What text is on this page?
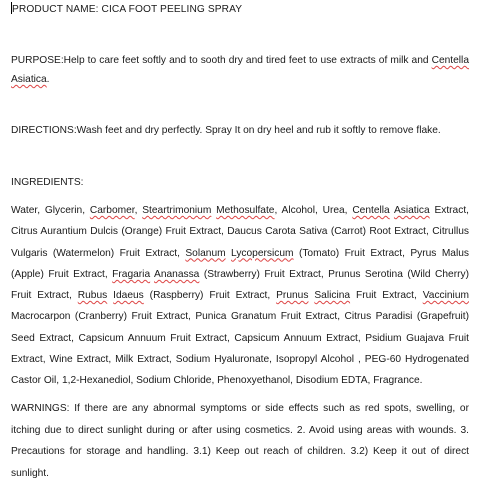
PRODUCT NAME: CICA FOOT PEELING SPRAY

PURPOSE:Help to care feet softly and to sooth dry and tired feet to use extracts of milk and Centella Asiatica.

DIRECTIONS:Wash feet and dry perfectly. Spray It on dry heel and rub it softly to remove flake.

INGREDIENTS:

Water, Glycerin, Carbomer, Steartrimonium Methosulfate, Alcohol, Urea, Centella Asiatica Extract, Citrus Aurantium Dulcis (Orange) Fruit Extract, Daucus Carota Sativa (Carrot) Root Extract, Citrullus Vulgaris (Watermelon) Fruit Extract, Solanum Lycopersicum (Tomato) Fruit Extract, Pyrus Malus (Apple) Fruit Extract, Fragaria Ananassa (Strawberry) Fruit Extract, Prunus Serotina (Wild Cherry) Fruit Extract, Rubus Idaeus (Raspberry) Fruit Extract, Prunus Salicina Fruit Extract, Vaccinium Macrocarpon (Cranberry) Fruit Extract, Punica Granatum Fruit Extract, Citrus Paradisi (Grapefruit) Seed Extract, Capsicum Annuum Fruit Extract, Capsicum Annuum Extract, Psidium Guajava Fruit Extract, Wine Extract, Milk Extract, Sodium Hyaluronate, Isopropyl Alcohol , PEG-60 Hydrogenated Castor Oil, 1,2-Hexanediol, Sodium Chloride, Phenoxyethanol, Disodium EDTA, Fragrance.

WARNINGS: If there are any abnormal symptoms or side effects such as red spots, swelling, or itching due to direct sunlight during or after using cosmetics. 2. Avoid using areas with wounds. 3. Precautions for storage and handling. 3.1) Keep out reach of children. 3.2) Keep it out of direct sunlight.
